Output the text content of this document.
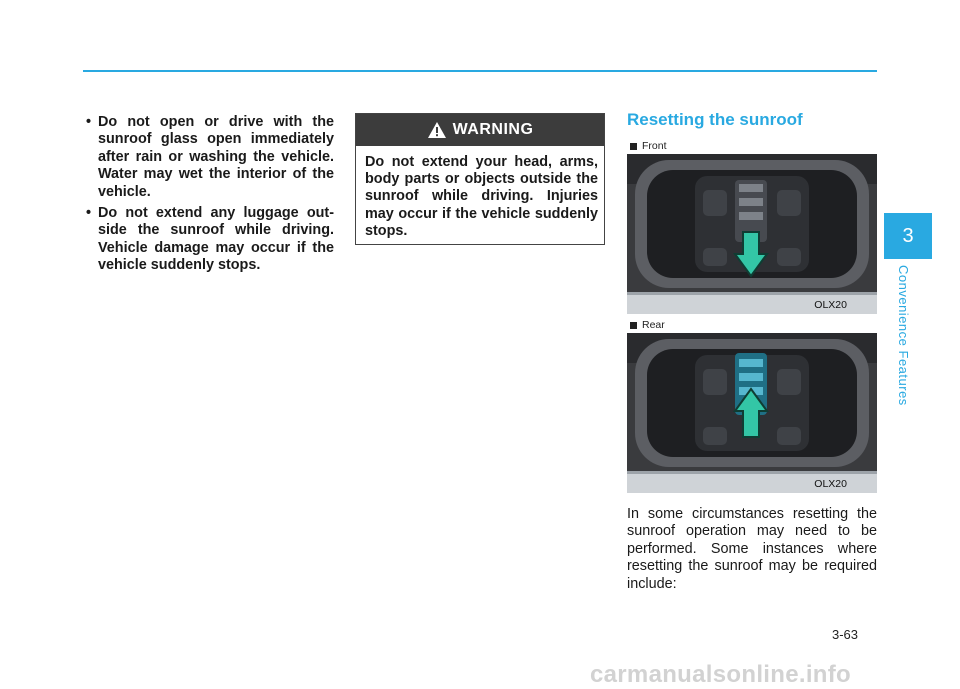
• Do not open or drive with the sunroof glass open immediately after rain or washing the vehicle. Water may wet the interior of the vehicle.
• Do not extend any luggage out-side the sunroof while driving. Vehicle damage may occur if the vehicle suddenly stops.
WARNING
Do not extend your head, arms, body parts or objects outside the sunroof while driving. Injuries may occur if the vehicle suddenly stops.
Resetting the sunroof
Front
OLX20
Rear
OLX20

In some circumstances resetting the sunroof operation may need to be performed. Some instances where resetting the sunroof may be required include:

3
Convenience Features
3-63
carmanualsonline.info
